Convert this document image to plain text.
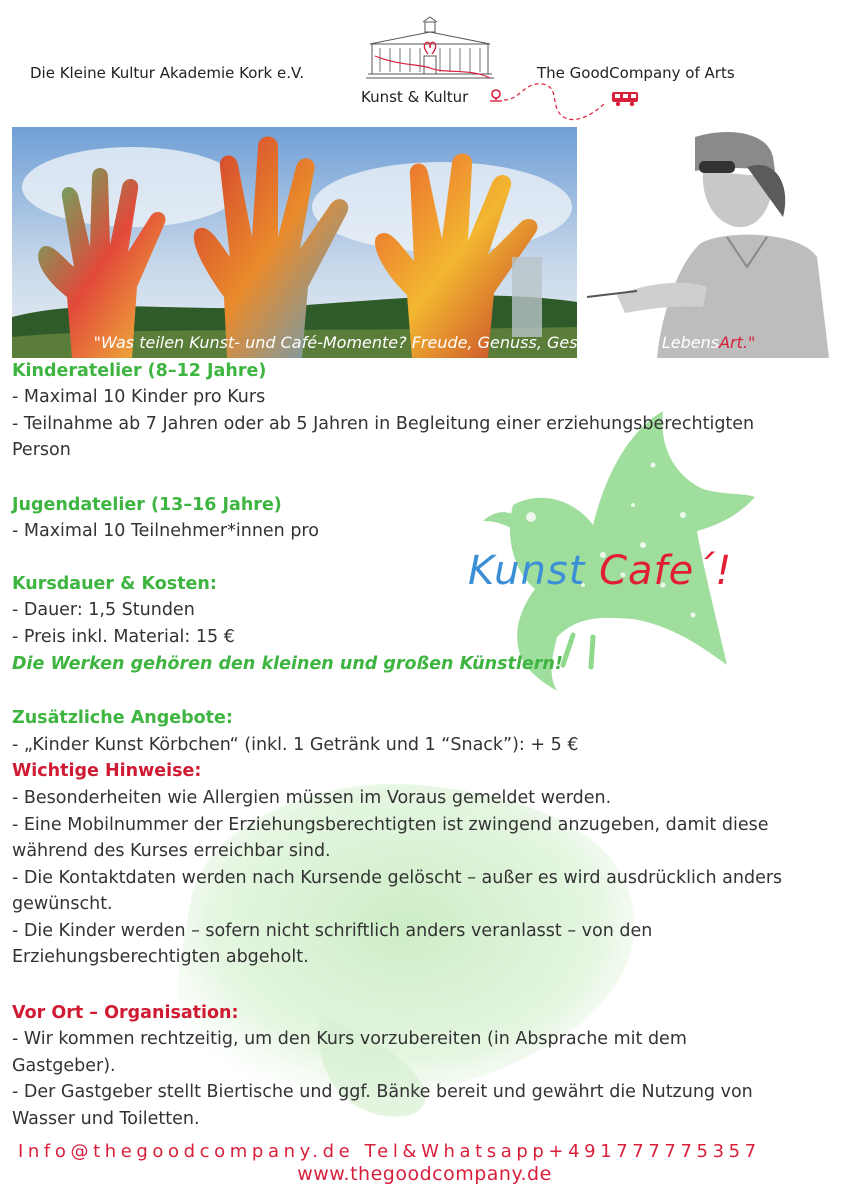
Die Kleine Kultur Akademie Kork e.V.	The GoodCompany of Arts
Kunst & Kultur
"Was teilen Kunst- und Café-Momente? Freude, Genuss, Geselligkeit… LebensArt."
Kunst Cafe´!
Kinderatelier (8–12 Jahre)
- Maximal 10 Kinder pro Kurs
- Teilnahme ab 7 Jahren oder ab 5 Jahren in Begleitung einer erziehungsberechtigten
Person
Jugendatelier (13–16 Jahre)
- Maximal 10 Teilnehmer*innen pro
Kursdauer & Kosten:
- Dauer: 1,5 Stunden
- Preis inkl. Material: 15 €
Die Werken gehören den kleinen und großen Künstlern!
Zusätzliche Angebote:
- „Kinder Kunst Körbchen“ (inkl. 1 Getränk und 1 “Snack”): + 5 €
Wichtige Hinweise:
- Besonderheiten wie Allergien müssen im Voraus gemeldet werden.
- Eine Mobilnummer der Erziehungsberechtigten ist zwingend anzugeben, damit diese
während des Kurses erreichbar sind.
- Die Kontaktdaten werden nach Kursende gelöscht – außer es wird ausdrücklich anders
gewünscht.
- Die Kinder werden – sofern nicht schriftlich anders veranlasst – von den
Erziehungsberechtigten abgeholt.
Vor Ort – Organisation:
- Wir kommen rechtzeitig, um den Kurs vorzubereiten (in Absprache mit dem
Gastgeber).
- Der Gastgeber stellt Biertische und ggf. Bänke bereit und gewährt die Nutzung von
Wasser und Toiletten.
Info@thegoodcompany.de Tel&Whatsapp+491777775357
www.thegoodcompany.de
